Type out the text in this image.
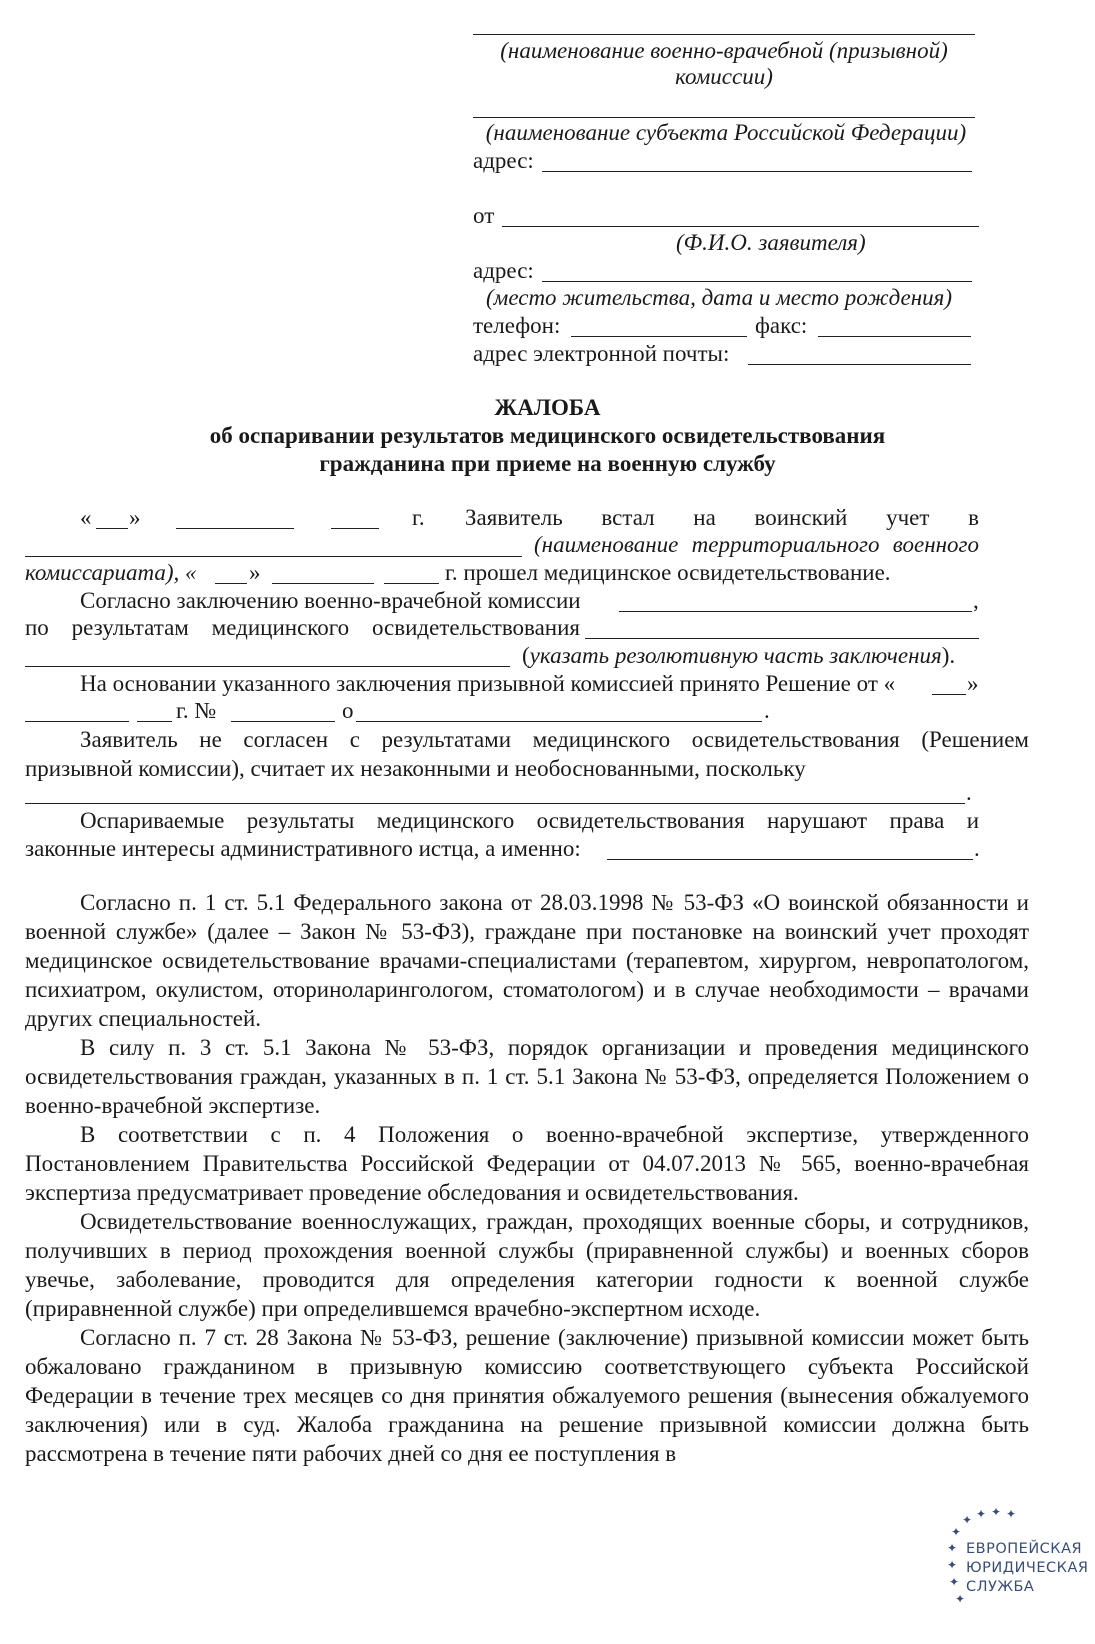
(наименование военно-врачебной (призывной)
комиссии)
(наименование субъекта Российской Федерации)
адрес:
от
(Ф.И.О. заявителя)
адрес:
(место жительства, дата и место рождения)
телефон:	факс:
адрес электронной почты:
ЖАЛОБА
об оспаривании результатов медицинского освидетельствования
гражданина при приеме на военную службу
« »	г. Заявитель встал на воинский учет в
(наименование территориального военного
комиссариата), « »	г. прошел медицинское освидетельствование.
Согласно заключению военно-врачебной комиссии	,
по результатам медицинского освидетельствования
(указать резолютивную часть заключения).
На основании указанного заключения призывной комиссией принято Решение от «	»
г. №	о	.

Заявитель не согласен с результатами медицинского освидетельствования (Решением призывной комиссии), считает их незаконными и необоснованными, поскольку

.
Оспариваемые результаты медицинского освидетельствования нарушают права и
законные интересы административного истца, а именно:	.

Согласно п. 1 ст. 5.1 Федерального закона от 28.03.1998 № 53-ФЗ «О воинской обязанности и военной службе» (далее – Закон № 53-ФЗ), граждане при постановке на воинский учет проходят медицинское освидетельствование врачами-специалистами (терапевтом, хирургом, невропатологом, психиатром, окулистом, оториноларингологом, стоматологом) и в случае необходимости – врачами других специальностей.

В силу п. 3 ст. 5.1 Закона № 53-ФЗ, порядок организации и проведения медицинского освидетельствования граждан, указанных в п. 1 ст. 5.1 Закона № 53-ФЗ, определяется Положением о военно-врачебной экспертизе.

В соответствии с п. 4 Положения о военно-врачебной экспертизе, утвержденного Постановлением Правительства Российской Федерации от 04.07.2013 № 565, военно-врачебная экспертиза предусматривает проведение обследования и освидетельствования.

Освидетельствование военнослужащих, граждан, проходящих военные сборы, и сотрудников, получивших в период прохождения военной службы (приравненной службы) и военных сборов увечье, заболевание, проводится для определения категории годности к военной службе (приравненной службе) при определившемся врачебно-экспертном исходе.

Согласно п. 7 ст. 28 Закона № 53-ФЗ, решение (заключение) призывной комиссии может быть обжаловано гражданином в призывную комиссию соответствующего субъекта Российской Федерации в течение трех месяцев со дня принятия обжалуемого решения (вынесения обжалуемого заключения) или в суд. Жалоба гражданина на решение призывной комиссии должна быть рассмотрена в течение пяти рабочих дней со дня ее поступления в

✦ ✦ ✦ ✦
✦
✦
✦
✦
✦
ЕВРОПЕЙСКАЯ
ЮРИДИЧЕСКАЯ
СЛУЖБА
